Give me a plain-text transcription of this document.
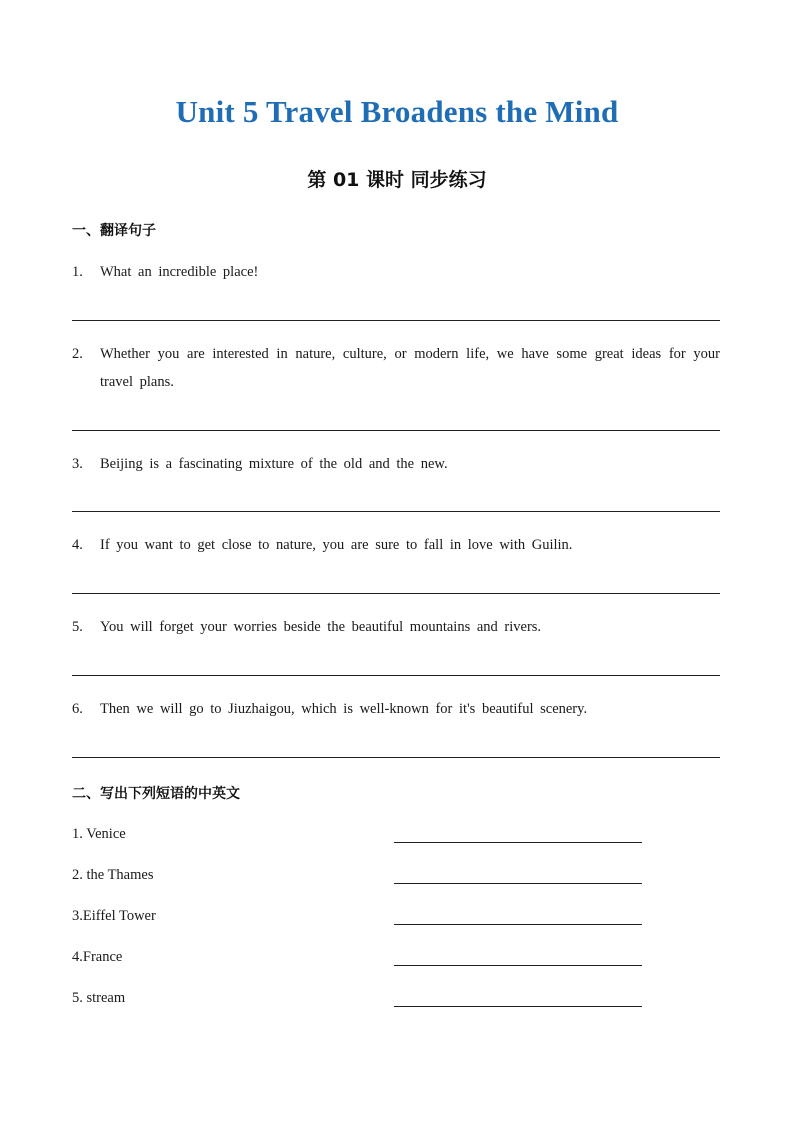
Unit 5 Travel Broadens the Mind
第 01 课时 同步练习
一、翻译句子
1.	What an incredible place!
2.	Whether you are interested in nature, culture, or modern life, we have some great ideas for your travel plans.
3.	Beijing is a fascinating mixture of the old and the new.
4.	If you want to get close to nature, you are sure to fall in love with Guilin.
5.	You will forget your worries beside the beautiful mountains and rivers.
6.	Then we will go to Jiuzhaigou, which is well-known for it's beautiful scenery.
二、写出下列短语的中英文
1. Venice
2. the Thames
3.Eiffel Tower
4.France
5. stream
